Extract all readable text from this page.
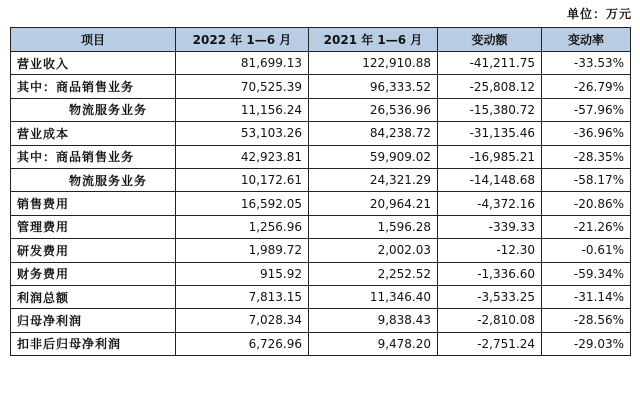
单位：万元
项目	2022 年 1—6 月	2021 年 1—6 月	变动额	变动率
营业收入	81,699.13	122,910.88	-41,211.75	-33.53%
其中：商品销售业务	70,525.39	96,333.52	-25,808.12	-26.79%
物流服务业务	11,156.24	26,536.96	-15,380.72	-57.96%
营业成本	53,103.26	84,238.72	-31,135.46	-36.96%
其中：商品销售业务	42,923.81	59,909.02	-16,985.21	-28.35%
物流服务业务	10,172.61	24,321.29	-14,148.68	-58.17%
销售费用	16,592.05	20,964.21	-4,372.16	-20.86%
管理费用	1,256.96	1,596.28	-339.33	-21.26%
研发费用	1,989.72	2,002.03	-12.30	-0.61%
财务费用	915.92	2,252.52	-1,336.60	-59.34%
利润总额	7,813.15	11,346.40	-3,533.25	-31.14%
归母净利润	7,028.34	9,838.43	-2,810.08	-28.56%
扣非后归母净利润	6,726.96	9,478.20	-2,751.24	-29.03%
